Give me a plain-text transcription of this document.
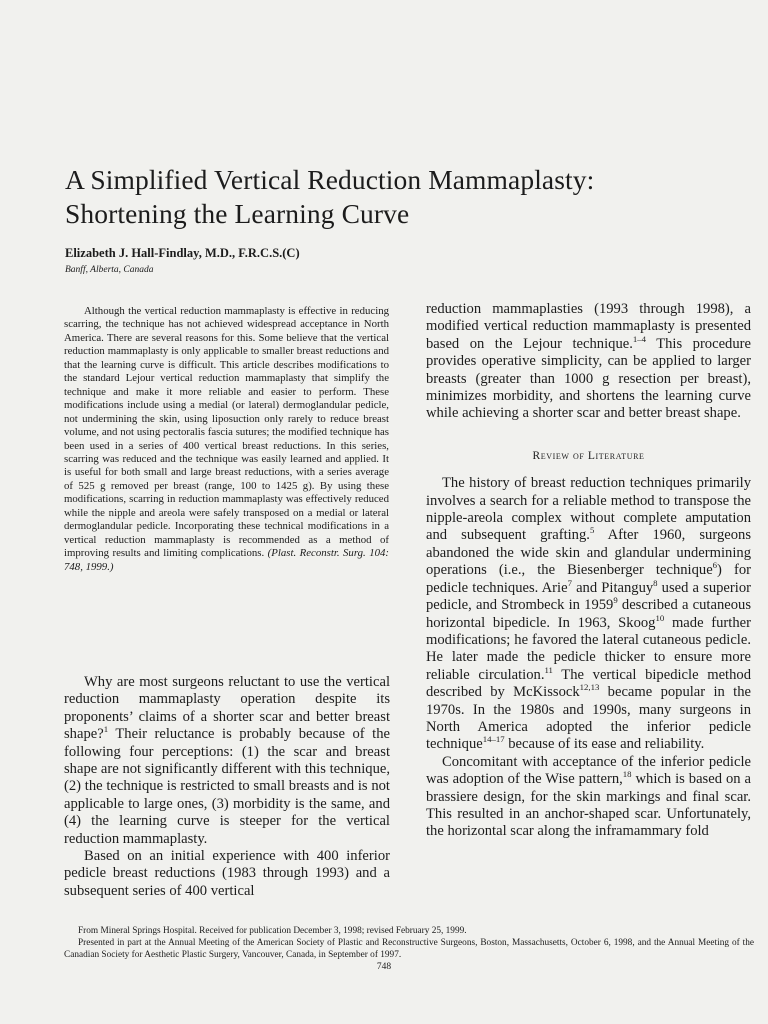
A Simplified Vertical Reduction Mammaplasty:
Shortening the Learning Curve
Elizabeth J. Hall-Findlay, M.D., F.R.C.S.(C)
Banff, Alberta, Canada

Although the vertical reduction mammaplasty is effective in reducing scarring, the technique has not achieved widespread acceptance in North America. There are several reasons for this. Some believe that the vertical reduction mammaplasty is only applicable to smaller breast reductions and that the learning curve is difficult. This article describes modifications to the standard Lejour vertical reduction mammaplasty that simplify the technique and make it more reliable and easier to perform. These modifications include using a medial (or lateral) dermoglandular pedicle, not undermining the skin, using liposuction only rarely to reduce breast volume, and not using pectoralis fascia sutures; the modified technique has been used in a series of 400 vertical breast reductions. In this series, scarring was reduced and the technique was easily learned and applied. It is useful for both small and large breast reductions, with a series average of 525 g removed per breast (range, 100 to 1425 g). By using these modifications, scarring in reduction mammaplasty was effectively reduced while the nipple and areola were safely transposed on a medial or lateral dermoglandular pedicle. Incorporating these technical modifications in a vertical reduction mammaplasty is recommended as a method of improving results and limiting complications. (Plast. Reconstr. Surg. 104: 748, 1999.)

Why are most surgeons reluctant to use the vertical reduction mammaplasty operation despite its proponents’ claims of a shorter scar and better breast shape?$^1$ Their reluctance is probably because of the following four perceptions: (1) the scar and breast shape are not significantly different with this technique, (2) the technique is restricted to small breasts and is not applicable to large ones, (3) morbidity is the same, and (4) the learning curve is steeper for the vertical reduction mammaplasty.

Based on an initial experience with 400 inferior pedicle breast reductions (1983 through 1993) and a subsequent series of 400 vertical

reduction mammaplasties (1993 through 1998), a modified vertical reduction mammaplasty is presented based on the Lejour technique.$^{1-4}$ This procedure provides operative simplicity, can be applied to larger breasts (greater than 1000 g resection per breast), minimizes morbidity, and shortens the learning curve while achieving a shorter scar and better breast shape.

Review of Literature

The history of breast reduction techniques primarily involves a search for a reliable method to transpose the nipple-areola complex without complete amputation and subsequent grafting.$^5$ After 1960, surgeons abandoned the wide skin and glandular undermining operations (i.e., the Biesenberger technique$^6$) for pedicle techniques. Arie$^7$ and Pitanguy$^8$ used a superior pedicle, and Strombeck in 1959$^9$ described a cutaneous horizontal bipedicle. In 1963, Skoog$^{10}$ made further modifications; he favored the lateral cutaneous pedicle. He later made the pedicle thicker to ensure more reliable circulation.$^{11}$ The vertical bipedicle method described by McKissock$^{12,13}$ became popular in the 1970s. In the 1980s and 1990s, many surgeons in North America adopted the inferior pedicle technique$^{14-17}$ because of its ease and reliability.

Concomitant with acceptance of the inferior pedicle was adoption of the Wise pattern,$^{18}$ which is based on a brassiere design, for the skin markings and final scar. This resulted in an anchor-shaped scar. Unfortunately, the horizontal scar along the inframammary fold

From Mineral Springs Hospital. Received for publication December 3, 1998; revised February 25, 1999.

Presented in part at the Annual Meeting of the American Society of Plastic and Reconstructive Surgeons, Boston, Massachusetts, October 6, 1998, and the Annual Meeting of the Canadian Society for Aesthetic Plastic Surgery, Vancouver, Canada, in September of 1997.

748
